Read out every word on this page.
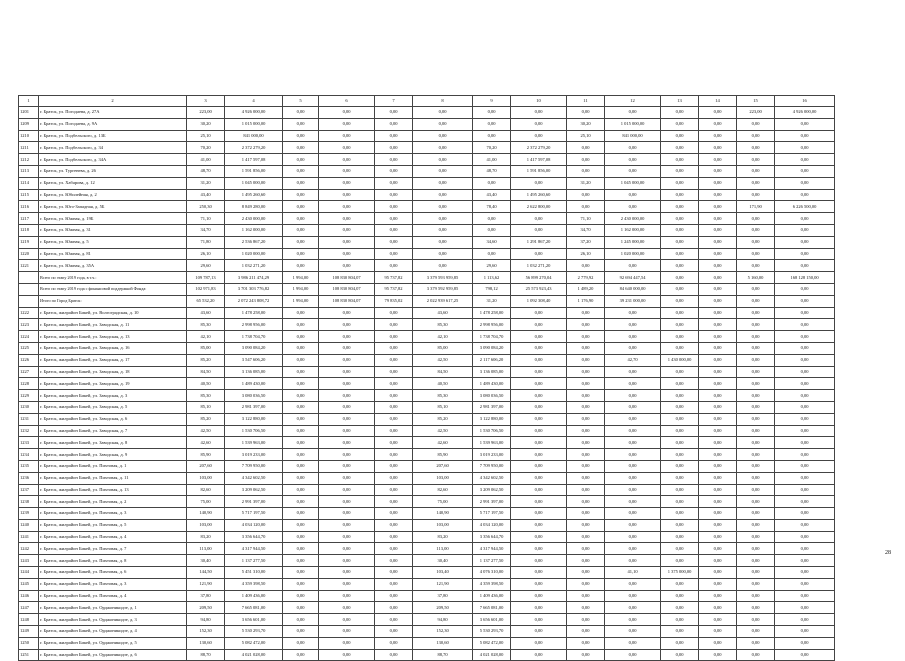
1	2	3	4	5	6	7	8	9	10	11	12	13	14	15	16
1201	г. Братск, ул. Погодаева, д. 27А	223,00	4 926 000,00	0,00	0,00	0,00	0,00	0,00	0,00	0,00	0,00	0,00	0,00	223,00	4 926 000,00
1209	г. Братск, ул. Погодаева, д. 9А	30,20	1 015 000,00	0,00	0,00	0,00	0,00	0,00	0,00	30,20	1 015 000,00	0,00	0,00	0,00	0,00
1210	г. Братск, ул. Подбельского, д. 13Б	25,10	841 000,00	0,00	0,00	0,00	0,00	0,00	0,00	25,10	841 000,00	0,00	0,00	0,00	0,00
1211	г. Братск, ул. Подбельского, д. 34	70,20	2 372 279,20	0,00	0,00	0,00	0,00	70,20	2 372 279,20	0,00	0,00	0,00	0,00	0,00	0,00
1212	г. Братск, ул. Подбельского, д. 34А	41,00	1 417 597,08	0,00	0,00	0,00	0,00	41,00	1 417 597,08	0,00	0,00	0,00	0,00	0,00	0,00
1213	г. Братск, ул. Тургенева, д. 26	48,70	1 591 856,00	0,00	0,00	0,00	0,00	48,70	1 591 856,00	0,00	0,00	0,00	0,00	0,00	0,00
1214	г. Братск, ул. Хабарова, д. 12	31,20	1 045 000,00	0,00	0,00	0,00	0,00	0,00	0,00	31,20	1 045 000,00	0,00	0,00	0,00	0,00
1215	г. Братск, ул. Юбилейная, д. 2	43,40	1 495 260,60	0,00	0,00	0,00	0,00	43,40	1 495 260,60	0,00	0,00	0,00	0,00	0,00	0,00
1216	г. Братск, ул. Юго-Западная, д. 5Б	250,30	8 849 280,00	0,00	0,00	0,00	0,00	78,40	2 622 800,00	0,00	0,00	0,00	0,00	171,90	6 226 500,00
1217	г. Братск, ул. Южная, д. 19Б	71,10	2 430 000,00	0,00	0,00	0,00	0,00	0,00	0,00	71,10	2 430 000,00	0,00	0,00	0,00	0,00
1218	г. Братск, ул. Южная, д. 31	34,70	1 162 000,00	0,00	0,00	0,00	0,00	0,00	0,00	34,70	1 162 000,00	0,00	0,00	0,00	0,00
1219	г. Братск, ул. Южная, д. 5	71,80	2 536 867,20	0,00	0,00	0,00	0,00	34,60	1 291 867,20	37,20	1 245 000,00	0,00	0,00	0,00	0,00
1220	г. Братск, ул. Южная, д. 81	26,10	1 020 000,00	0,00	0,00	0,00	0,00	0,00	0,00	26,10	1 020 000,00	0,00	0,00	0,00	0,00
1221	г. Братск, ул. Южная, д. 35А	29,60	1 032 271,20	0,00	0,00	0,00	0,00	29,60	1 032 271,20	0,00	0,00	0,00	0,00	0,00	0,00
	Всего по этапу 2019 года, в т.ч.:	109 787,13	3 986 211 474,29	1 994,00	108 830 804,07	95 737,82	3 379 593 959,85	1 113,62	56 899 270,04	2 779,92	92 694 447,54	0,00	0,00	5 160,00	168 128 150,00
	Всего по этапу 2019 года с финансовой поддержкой Фонда:	102 971,83	3 701 303 776,82	1 994,00	108 830 804,07	95 737,82	3 379 592 959,85	798,12	25 573 923,43	1 489,20	84 640 000,00	0,00	0,00	0,00	0,00
	Итого по Город Братск:	65 532,20	2 072 243 808,72	1 994,00	108 830 804,07	79 835,02	2 022 939 617,25	31,20	1 092 308,40	1 176,90	39 231 000,00	0,00	0,00	0,00	0,00
1222	г. Братск, жилрайон Бикей, ул. Волгоградская, д. 10	43,60	1 478 258,00	0,00	0,00	0,00	43,60	1 478 258,00	0,00	0,00	0,00	0,00	0,00	0,00	0,00
1223	г. Братск, жилрайон Бикей, ул. Заводская, д. 11	85,30	2 998 956,00	0,00	0,00	0,00	85,30	2 998 956,00	0,00	0,00	0,00	0,00	0,00	0,00	0,00
1224	г. Братск, жилрайон Бикей, ул. Заводская, д. 13	42,10	1 738 704,70	0,00	0,00	0,00	42,10	1 738 704,70	0,00	0,00	0,00	0,00	0,00	0,00	0,00
1225	г. Братск, жилрайон Бикей, ул. Заводская, д. 16	85,00	3 090 084,20	0,00	0,00	0,00	85,00	3 090 084,20	0,00	0,00	0,00	0,00	0,00	0,00	0,00
1226	г. Братск, жилрайон Бикей, ул. Заводская, д. 17	85,20	3 547 606,20	0,00	0,00	0,00	42,50	2 117 606,20	0,00	0,00	42,70	1 430 000,00	0,00	0,00	0,00
1227	г. Братск, жилрайон Бикей, ул. Заводская, д. 18	84,50	3 136 085,00	0,00	0,00	0,00	84,50	3 136 085,00	0,00	0,00	0,00	0,00	0,00	0,00	0,00
1228	г. Братск, жилрайон Бикей, ул. Заводская, д. 19	40,50	1 489 430,00	0,00	0,00	0,00	40,50	1 489 430,00	0,00	0,00	0,00	0,00	0,00	0,00	0,00
1229	г. Братск, жилрайон Бикей, ул. Заводская, д. 3	85,30	3 080 036,50	0,00	0,00	0,00	85,30	3 080 036,50	0,00	0,00	0,00	0,00	0,00	0,00	0,00
1230	г. Братск, жилрайон Бикей, ул. Заводская, д. 5	85,10	2 981 397,00	0,00	0,00	0,00	85,10	2 981 397,00	0,00	0,00	0,00	0,00	0,00	0,00	0,00
1231	г. Братск, жилрайон Бикей, ул. Заводская, д. 6	85,20	3 122 880,00	0,00	0,00	0,00	85,20	3 122 880,00	0,00	0,00	0,00	0,00	0,00	0,00	0,00
1232	г. Братск, жилрайон Бикей, ул. Заводская, д. 7	42,50	1 530 706,50	0,00	0,00	0,00	42,50	1 530 706,50	0,00	0,00	0,00	0,00	0,00	0,00	0,00
1233	г. Братск, жилрайон Бикей, ул. Заводская, д. 8	42,60	1 539 963,00	0,00	0,00	0,00	42,60	1 539 963,00	0,00	0,00	0,00	0,00	0,00	0,00	0,00
1234	г. Братск, жилрайон Бикей, ул. Заводская, д. 9	85,90	3 019 233,00	0,00	0,00	0,00	85,90	3 019 233,00	0,00	0,00	0,00	0,00	0,00	0,00	0,00
1235	г. Братск, жилрайон Бикей, ул. Пихтовая, д. 1	207,60	7 709 950,00	0,00	0,00	0,00	207,60	7 709 950,00	0,00	0,00	0,00	0,00	0,00	0,00	0,00
1236	г. Братск, жилрайон Бикей, ул. Пихтовая, д. 11	103,00	4 342 602,50	0,00	0,00	0,00	103,00	4 342 602,50	0,00	0,00	0,00	0,00	0,00	0,00	0,00
1237	г. Братск, жилрайон Бикей, ул. Пихтовая, д. 13	82,60	3 209 062,50	0,00	0,00	0,00	82,60	3 209 062,50	0,00	0,00	0,00	0,00	0,00	0,00	0,00
1238	г. Братск, жилрайон Бикей, ул. Пихтовая, д. 2	75,00	2 991 397,00	0,00	0,00	0,00	75,00	2 991 397,00	0,00	0,00	0,00	0,00	0,00	0,00	0,00
1239	г. Братск, жилрайон Бикей, ул. Пихтовая, д. 3	140,90	5 717 197,50	0,00	0,00	0,00	140,90	5 717 197,50	0,00	0,00	0,00	0,00	0,00	0,00	0,00
1240	г. Братск, жилрайон Бикей, ул. Пихтовая, д. 5	103,00	4 034 120,00	0,00	0,00	0,00	103,00	4 034 120,00	0,00	0,00	0,00	0,00	0,00	0,00	0,00
1241	г. Братск, жилрайон Бикей, ул. Пихтовая, д. 4	83,20	3 356 644,70	0,00	0,00	0,00	83,20	3 356 644,70	0,00	0,00	0,00	0,00	0,00	0,00	0,00
1242	г. Братск, жилрайон Бикей, ул. Пихтовая, д. 7	113,00	4 317 944,50	0,00	0,00	0,00	113,00	4 317 944,50	0,00	0,00	0,00	0,00	0,00	0,00	0,00
1243	г. Братск, жилрайон Бикей, ул. Пихтовая, д. 8	30,40	1 137 277,50	0,00	0,00	0,00	30,40	1 137 277,50	0,00	0,00	0,00	0,00	0,00	0,00	0,00
1244	г. Братск, жилрайон Бикей, ул. Пихтовая, д. 6	144,50	5 451 310,00	0,00	0,00	0,00	103,40	4 076 310,00	0,00	0,00	41,10	1 375 000,00	0,00	0,00	0,00
1245	г. Братск, жилрайон Бикей, ул. Пихтовая, д. 3	121,90	4 359 398,50	0,00	0,00	0,00	121,90	4 359 398,50	0,00	0,00	0,00	0,00	0,00	0,00	0,00
1246	г. Братск, жилрайон Бикей, ул. Пихтовая, д. 4	37,80	1 409 436,00	0,00	0,00	0,00	37,80	1 409 436,00	0,00	0,00	0,00	0,00	0,00	0,00	0,00
1247	г. Братск, жилрайон Бикей, ул. Орджоникидзе, д. 1	209,50	7 665 081,00	0,00	0,00	0,00	209,50	7 665 081,00	0,00	0,00	0,00	0,00	0,00	0,00	0,00
1248	г. Братск, жилрайон Бикей, ул. Орджоникидзе, д. 3	94,80	3 656 601,00	0,00	0,00	0,00	94,80	3 656 601,00	0,00	0,00	0,00	0,00	0,00	0,00	0,00
1249	г. Братск, жилрайон Бикей, ул. Орджоникидзе, д. 4	152,30	5 530 293,70	0,00	0,00	0,00	152,30	5 530 293,70	0,00	0,00	0,00	0,00	0,00	0,00	0,00
1250	г. Братск, жилрайон Бикей, ул. Орджоникидзе, д. 5	130,60	5 082 472,00	0,00	0,00	0,00	130,60	5 082 472,00	0,00	0,00	0,00	0,00	0,00	0,00	0,00
1251	г. Братск, жилрайон Бикей, ул. Орджоникидзе, д. 6	88,70	4 021 028,00	0,00	0,00	0,00	88,70	4 021 028,00	0,00	0,00	0,00	0,00	0,00	0,00	0,00
28
